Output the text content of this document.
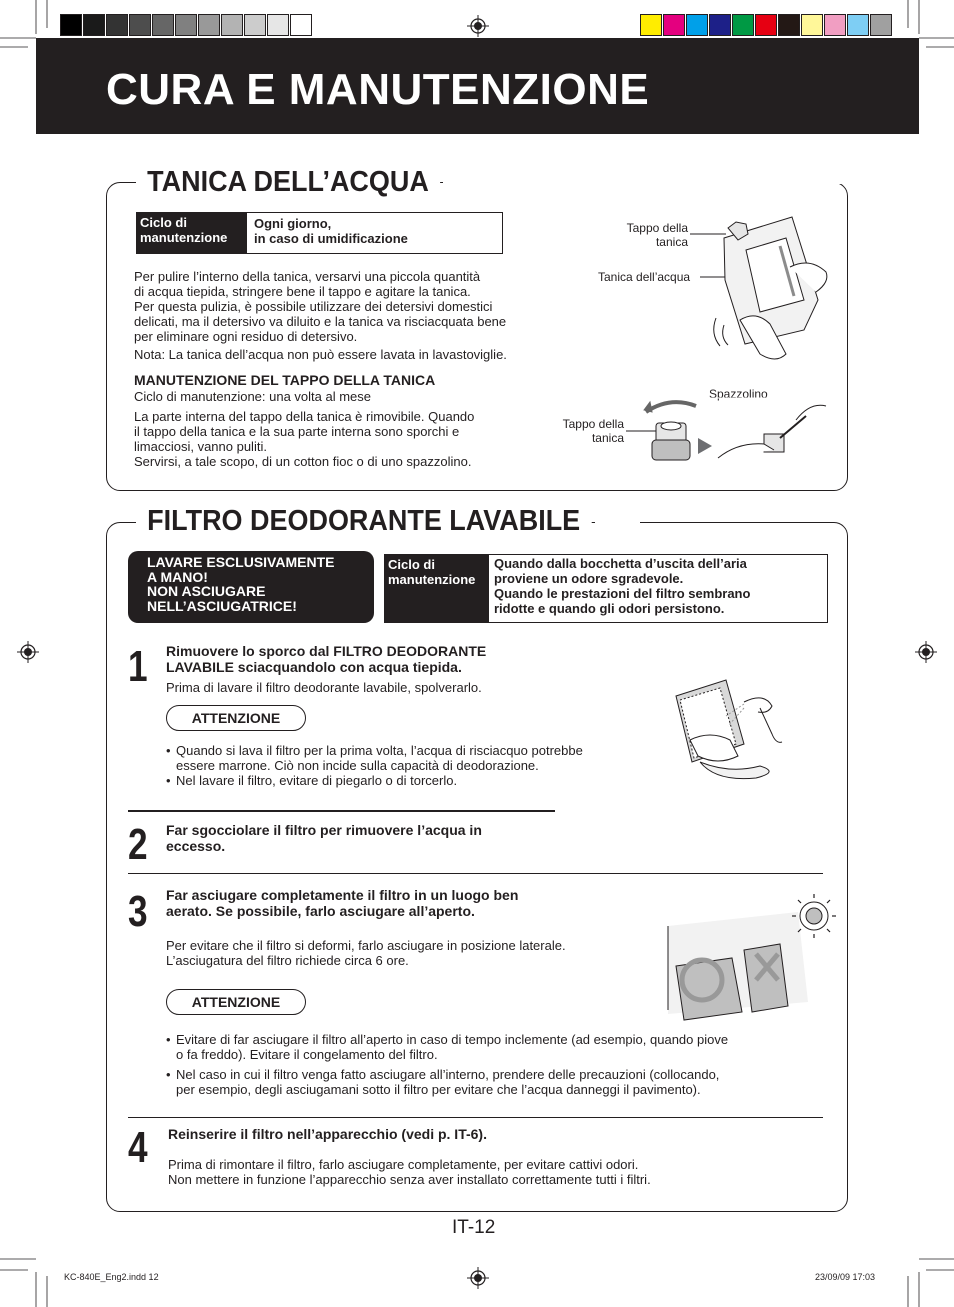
CURA E MANUTENZIONE
TANICA DELL’ACQUA
Ciclo di
manutenzione
Ogni giorno,
in caso di umidificazione
Per pulire l’interno della tanica, versarvi una piccola quantità
di acqua tiepida, stringere bene il tappo e agitare la tanica.
Per questa pulizia, è possibile utilizzare dei detersivi domestici
delicati, ma il detersivo va diluito e la tanica va risciacquata bene
per eliminare ogni residuo di detersivo.
Nota: La tanica dell’acqua non può essere lavata in lavastoviglie.
MANUTENZIONE DEL TAPPO DELLA TANICA
Ciclo di manutenzione: una volta al mese
La parte interna del tappo della tanica è rimovibile. Quando
il tappo della tanica e la sua parte interna sono sporchi e
limacciosi, vanno puliti.
Servirsi, a tale scopo, di un cotton fioc o di uno spazzolino.
Tappo della
tanica
Tanica dell’acqua
Spazzolino
Tappo della
tanica
FILTRO DEODORANTE LAVABILE
LAVARE ESCLUSIVAMENTE
A MANO!
NON ASCIUGARE
NELL’ASCIUGATRICE!
Ciclo di
manutenzione
Quando dalla bocchetta d’uscita dell’aria
proviene un odore sgradevole.
Quando le prestazioni del filtro sembrano
ridotte e quando gli odori persistono.
1 Rimuovere lo sporco dal FILTRO DEODORANTE
LAVABILE sciacquandolo con acqua tiepida.
Prima di lavare il filtro deodorante lavabile, spolverarlo.
ATTENZIONE
• Quando si lava il filtro per la prima volta, l’acqua di risciacquo potrebbe
essere marrone. Ciò non incide sulla capacità di deodorazione.
• Nel lavare il filtro, evitare di piegarlo o di torcerlo.
2 Far sgocciolare il filtro per rimuovere l’acqua in
eccesso.
3 Far asciugare completamente il filtro in un luogo ben
aerato. Se possibile, farlo asciugare all’aperto.
Per evitare che il filtro si deformi, farlo asciugare in posizione laterale.
L’asciugatura del filtro richiede circa 6 ore.
ATTENZIONE
• Evitare di far asciugare il filtro all’aperto in caso di tempo inclemente (ad esempio, quando piove
o fa freddo). Evitare il congelamento del filtro.
• Nel caso in cui il filtro venga fatto asciugare all’interno, prendere delle precauzioni (collocando,
per esempio, degli asciugamani sotto il filtro per evitare che l’acqua danneggi il pavimento).
4 Reinserire il filtro nell’apparecchio (vedi p. IT-6).
Prima di rimontare il filtro, farlo asciugare completamente, per evitare cattivi odori.
Non mettere in funzione l’apparecchio senza aver installato correttamente tutti i filtri.
IT-12
KC-840E_Eng2.indd 12	23/09/09 17:03
